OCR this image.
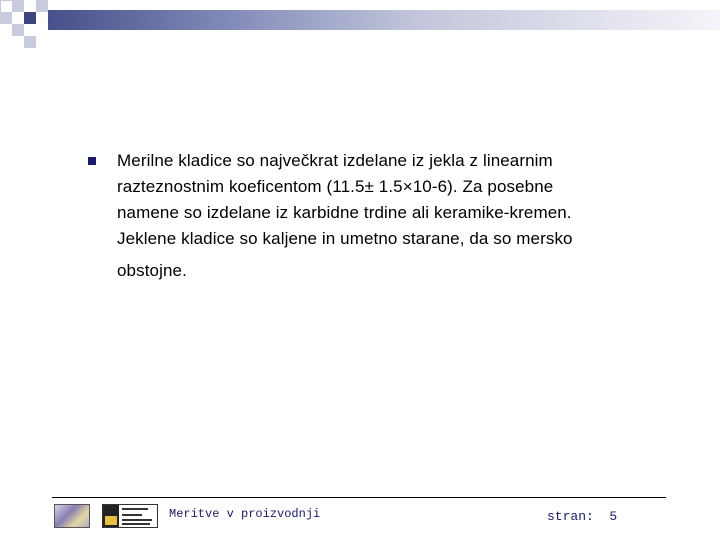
Merilne kladice so največkrat izdelane iz jekla z linearnim
razteznostnim koeficentom (11.5± 1.5×10-6). Za posebne
namene so izdelane iz karbidne trdine ali keramike-kremen.
Jeklene kladice so kaljene in umetno starane, da so mersko
obstojne.
Meritve v proizvodnji	stran: 5
